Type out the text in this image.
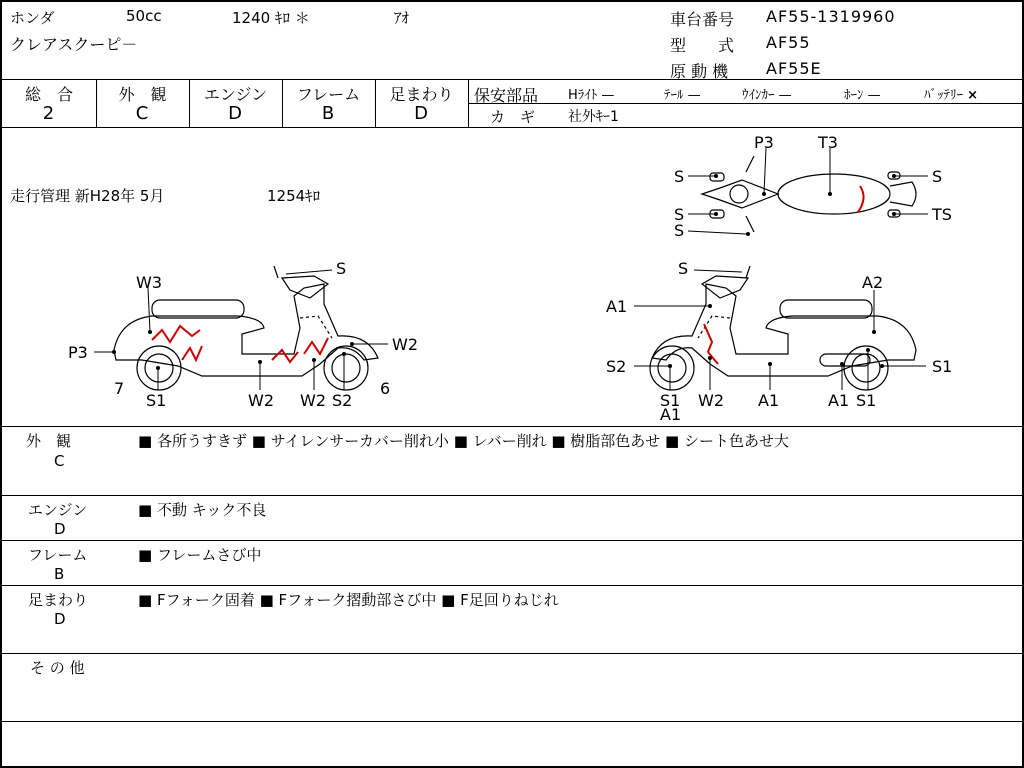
ホンダ	50cc	1240 ｷﾛ ＊	ｱｵ
クレアスクーピ－
車台番号 AF55-1319960
型　　式 AF55
原 動 機 AF55E
総　合
2
外　観
C
エンジン
D
フレーム
B
足まわり
D
保安部品 Hﾗｲﾄ —	ﾃｰﾙ —	ｳｲﾝｶｰ —	ﾎｰﾝ —	ﾊﾞｯﾃﾘｰ ×
カ　ギ 社外ｷｰ1
走行管理 新H28年 5月	1254ｷﾛ
S
S
S
P3	T3
S
TS
S
W3
P3	W2
7
S1	W2 W2 S2
6
S
A2
A1
S2	S1
A1
W2 A1	A1 S1
S1
外　観
C
■ 各所うすきず ■ サイレンサーカバー削れ小 ■ レバー削れ ■ 樹脂部色あせ ■ シート色あせ大
エンジン
D
■ 不動 キック不良
フレーム
B
■ フレームさび中
足まわり
D
■ Fフォーク固着 ■ Fフォーク摺動部さび中 ■ F足回りねじれ
そ の 他
